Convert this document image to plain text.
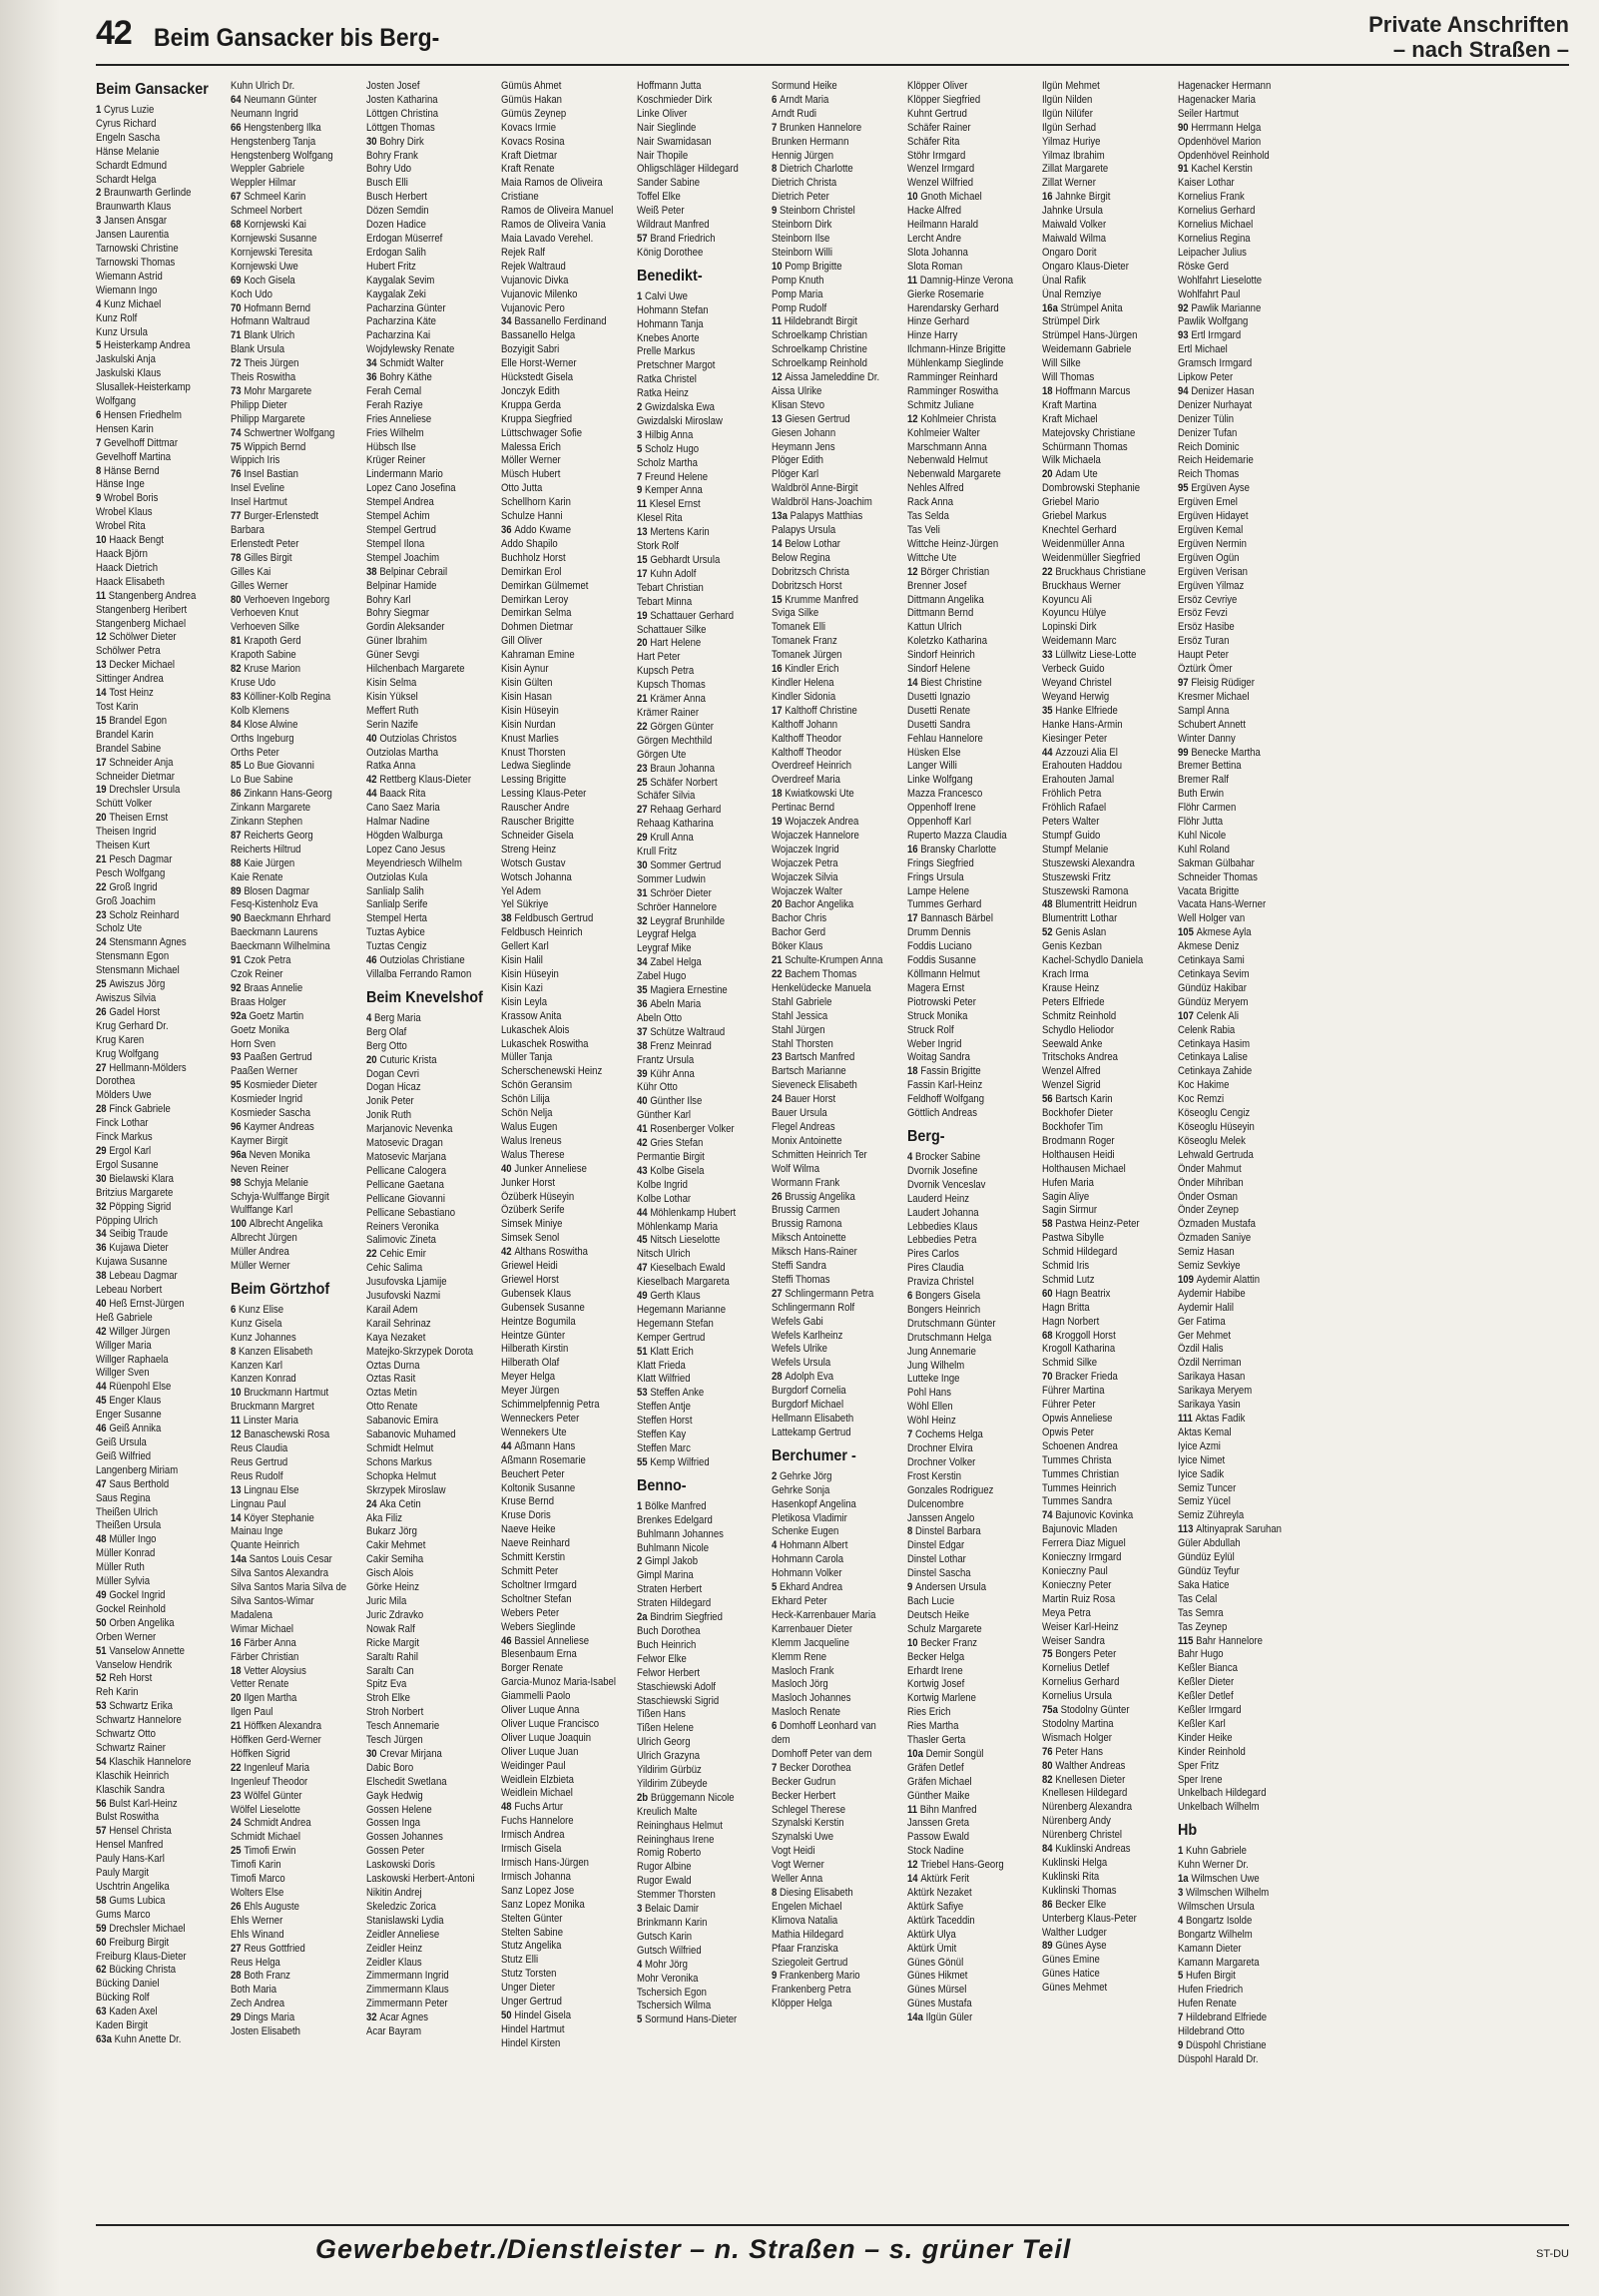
42 Beim Gansacker bis Berg-	Private Anschriften
– nach Straßen –
Beim Gansacker
1 Cyrus Luzie
Cyrus Richard
Engeln Sascha
Hänse Melanie
Schardt Edmund
Schardt Helga
2 Braunwarth Gerlinde
Braunwarth Klaus
3 Jansen Ansgar
Jansen Laurentia
Tarnowski Christine
Tarnowski Thomas
Wiemann Astrid
Wiemann Ingo
4 Kunz Michael
Kunz Rolf
Kunz Ursula
5 Heisterkamp Andrea
Jaskulski Anja
Jaskulski Klaus
Slusallek-Heisterkamp
Wolfgang
6 Hensen Friedhelm
Hensen Karin
7 Gevelhoff Dittmar
Gevelhoff Martina
8 Hänse Bernd
Hänse Inge
9 Wrobel Boris
Wrobel Klaus
Wrobel Rita
10 Haack Bengt
Haack Björn
Haack Dietrich
Haack Elisabeth
11 Stangenberg Andrea
Stangenberg Heribert
Stangenberg Michael
12 Schölwer Dieter
Schölwer Petra
13 Decker Michael
Sittinger Andrea
14 Tost Heinz
Tost Karin
15 Brandel Egon
Brandel Karin
Brandel Sabine
17 Schneider Anja
Schneider Dietmar
19 Drechsler Ursula
Schütt Volker
20 Theisen Ernst
Theisen Ingrid
Theisen Kurt
21 Pesch Dagmar
Pesch Wolfgang
22 Groß Ingrid
Groß Joachim
23 Scholz Reinhard
Scholz Ute
24 Stensmann Agnes
Stensmann Egon
Stensmann Michael
25 Awiszus Jörg
Awiszus Silvia
26 Gadel Horst
Krug Gerhard Dr.
Krug Karen
Krug Wolfgang
27 Hellmann-Mölders
Dorothea
Mölders Uwe
28 Finck Gabriele
Finck Lothar
Finck Markus
29 Ergol Karl
Ergol Susanne
30 Bielawski Klara
Britzius Margarete
32 Pöpping Sigrid
Pöpping Ulrich
34 Seibig Traude
36 Kujawa Dieter
Kujawa Susanne
38 Lebeau Dagmar
Lebeau Norbert
40 Heß Ernst-Jürgen
Heß Gabriele
42 Willger Jürgen
Willger Maria
Willger Raphaela
Willger Sven
44 Rüenpohl Else
45 Enger Klaus
Enger Susanne
46 Geiß Annika
Geiß Ursula
Geiß Wilfried
Langenberg Miriam
47 Saus Berthold
Saus Regina
Theißen Ulrich
Theißen Ursula
48 Müller Ingo
Müller Konrad
Müller Ruth
Müller Sylvia
49 Gockel Ingrid
Gockel Reinhold
50 Orben Angelika
Orben Werner
51 Vanselow Annette
Vanselow Hendrik
52 Reh Horst
Reh Karin
53 Schwartz Erika
Schwartz Hannelore
Schwartz Otto
Schwartz Rainer
54 Klaschik Hannelore
Klaschik Heinrich
Klaschik Sandra
56 Bulst Karl-Heinz
Bulst Roswitha
57 Hensel Christa
Hensel Manfred
Pauly Hans-Karl
Pauly Margit
Uschtrin Angelika
58 Gums Lubica
Gums Marco
59 Drechsler Michael
60 Freiburg Birgit
Freiburg Klaus-Dieter
62 Bücking Christa
Bücking Daniel
Bücking Rolf
63 Kaden Axel
Kaden Birgit
63a Kuhn Anette Dr.
Kuhn Ulrich Dr.
64 Neumann Günter
Neumann Ingrid
66 Hengstenberg Ilka
Hengstenberg Tanja
Hengstenberg Wolfgang
Weppler Gabriele
Weppler Hilmar
67 Schmeel Karin
Schmeel Norbert
68 Kornjewski Kai
Kornjewski Susanne
Kornjewski Teresita
Kornjewski Uwe
69 Koch Gisela
Koch Udo
70 Hofmann Bernd
Hofmann Waltraud
71 Blank Ulrich
Blank Ursula
72 Theis Jürgen
Theis Roswitha
73 Mohr Margarete
Philipp Dieter
Philipp Margarete
74 Schwertner Wolfgang
75 Wippich Bernd
Wippich Iris
76 Insel Bastian
Insel Eveline
Insel Hartmut
77 Burger-Erlenstedt
Barbara
Erlenstedt Peter
78 Gilles Birgit
Gilles Kai
Gilles Werner
80 Verhoeven Ingeborg
Verhoeven Knut
Verhoeven Silke
81 Krapoth Gerd
Krapoth Sabine
82 Kruse Marion
Kruse Udo
83 Kölliner-Kolb Regina
Kolb Klemens
84 Klose Alwine
Orths Ingeburg
Orths Peter
85 Lo Bue Giovanni
Lo Bue Sabine
86 Zinkann Hans-Georg
Zinkann Margarete
Zinkann Stephen
87 Reicherts Georg
Reicherts Hiltrud
88 Kaie Jürgen
Kaie Renate
89 Blosen Dagmar
Fesq-Kistenholz Eva
90 Baeckmann Ehrhard
Baeckmann Laurens
Baeckmann Wilhelmina
91 Czok Petra
Czok Reiner
92 Braas Annelie
Braas Holger
92a Goetz Martin
Goetz Monika
Horn Sven
93 Paaßen Gertrud
Paaßen Werner
95 Kosmieder Dieter
Kosmieder Ingrid
Kosmieder Sascha
96 Kaymer Andreas
Kaymer Birgit
96a Neven Monika
Neven Reiner
98 Schyja Melanie
Schyja-Wulffange Birgit
Wulffange Karl
100 Albrecht Angelika
Albrecht Jürgen
Müller Andrea
Müller Werner
Beim Görtzhof
6 Kunz Elise
Kunz Gisela
Kunz Johannes
8 Kanzen Elisabeth
Kanzen Karl
Kanzen Konrad
10 Bruckmann Hartmut
Bruckmann Margret
11 Linster Maria
12 Banaschewski Rosa
Reus Claudia
Reus Gertrud
Reus Rudolf
13 Lingnau Else
Lingnau Paul
14 Köyer Stephanie
Mainau Inge
Quante Heinrich
14a Santos Louis Cesar
Silva Santos Alexandra
Silva Santos Maria Silva de
Silva Santos-Wimar
Madalena
Wimar Michael
16 Färber Anna
Färber Christian
18 Vetter Aloysius
Vetter Renate
20 Ilgen Martha
Ilgen Paul
21 Höffken Alexandra
Höffken Gerd-Werner
Höffken Sigrid
22 Ingenleuf Maria
Ingenleuf Theodor
23 Wölfel Günter
Wölfel Lieselotte
24 Schmidt Andrea
Schmidt Michael
25 Timofi Erwin
Timofi Karin
Timofi Marco
Wolters Else
26 Ehls Auguste
Ehls Werner
Ehls Winand
27 Reus Gottfried
Reus Helga
28 Both Franz
Both Maria
Zech Andrea
29 Dings Maria
Josten Elisabeth
Josten Josef
Josten Katharina
Löttgen Christina
Löttgen Thomas
30 Bohry Dirk
Bohry Frank
Bohry Udo
Busch Elli
Busch Herbert
Dözen Semdin
Dozen Hadice
Erdogan Müserref
Erdogan Salih
Hubert Fritz
Kaygalak Sevim
Kaygalak Zeki
Pacharzina Günter
Pacharzina Käte
Pacharzina Kai
Wojdylewsky Renate
34 Schmidt Walter
36 Bohry Käthe
Ferah Cemal
Ferah Raziye
Fries Anneliese
Fries Wilhelm
Hübsch Ilse
Krüger Reiner
Lindermann Mario
Lopez Cano Josefina
Stempel Andrea
Stempel Achim
Stempel Gertrud
Stempel Ilona
Stempel Joachim
38 Belpinar Cebrail
Belpinar Hamide
Bohry Karl
Bohry Siegmar
Gordin Aleksander
Güner Ibrahim
Güner Sevgi
Hilchenbach Margarete
Kisin Selma
Kisin Yüksel
Meffert Ruth
Serin Nazife
40 Outziolas Christos
Outziolas Martha
Ratka Anna
42 Rettberg Klaus-Dieter
44 Baack Rita
Cano Saez Maria
Halmar Nadine
Högden Walburga
Lopez Cano Jesus
Meyendriesch Wilhelm
Outziolas Kula
Sanlialp Salih
Sanlialp Serife
Stempel Herta
Tuztas Aybice
Tuztas Cengiz
46 Outziolas Christiane
Villalba Ferrando Ramon
Beim Knevelshof
4 Berg Maria
Berg Olaf
Berg Otto
20 Cuturic Krista
Dogan Cevri
Dogan Hicaz
Jonik Peter
Jonik Ruth
Marjanovic Nevenka
Matosevic Dragan
Matosevic Marjana
Pellicane Calogera
Pellicane Gaetana
Pellicane Giovanni
Pellicane Sebastiano
Reiners Veronika
Salimovic Zineta
22 Cehic Emir
Cehic Salima
Jusufovska Ljamije
Jusufovski Nazmi
Karail Adem
Karail Sehrinaz
Kaya Nezaket
Matejko-Skrzypek Dorota
Oztas Durna
Oztas Rasit
Oztas Metin
Otto Renate
Sabanovic Emira
Sabanovic Muhamed
Schmidt Helmut
Schons Markus
Schopka Helmut
Skrzypek Miroslaw
24 Aka Cetin
Aka Filiz
Bukarz Jörg
Cakir Mehmet
Cakir Semiha
Gisch Alois
Görke Heinz
Juric Mila
Juric Zdravko
Nowak Ralf
Ricke Margit
Saraltı Rahil
Saraltı Can
Spitz Eva
Stroh Elke
Stroh Norbert
Tesch Annemarie
Tesch Jürgen
30 Crevar Mirjana
Dabic Boro
Elschedit Swetlana
Gayk Hedwig
Gossen Helene
Gossen Inga
Gossen Johannes
Gossen Peter
Laskowski Doris
Laskowski Herbert-Antoni
Nikitin Andrej
Skeledzic Zorica
Stanislawski Lydia
Zeidler Anneliese
Zeidler Heinz
Zeidler Klaus
Zimmermann Ingrid
Zimmermann Klaus
Zimmermann Peter
32 Acar Agnes
Acar Bayram
Gümüs Ahmet
Gümüs Hakan
Gümüs Zeynep
Kovacs Irmie
Kovacs Rosina
Kraft Dietmar
Kraft Renate
Maia Ramos de Oliveira
Cristiane
Ramos de Oliveira Manuel
Ramos de Oliveira Vania
Maia Lavado Verehel.
Rejek Ralf
Rejek Waltraud
Vujanovic Divka
Vujanovic Milenko
Vujanovic Pero
34 Bassanello Ferdinand
Bassanello Helga
Bozyigit Sabri
Elle Horst-Werner
Hückstedt Gisela
Jonczyk Edith
Kruppa Gerda
Kruppa Siegfried
Lüttschwager Sofie
Malessa Erich
Möller Werner
Müsch Hubert
Otto Jutta
Schellhorn Karin
Schulze Hanni
36 Addo Kwame
Addo Shapilo
Buchholz Horst
Demirkan Erol
Demirkan Gülmemet
Demirkan Leroy
Demirkan Selma
Dohmen Dietmar
Gill Oliver
Kahraman Emine
Kisin Aynur
Kisin Gülten
Kisin Hasan
Kisin Hüseyin
Kisin Nurdan
Knust Marlies
Knust Thorsten
Ledwa Sieglinde
Lessing Brigitte
Lessing Klaus-Peter
Rauscher Andre
Rauscher Brigitte
Schneider Gisela
Streng Heinz
Wotsch Gustav
Wotsch Johanna
Yel Adem
Yel Sükriye
38 Feldbusch Gertrud
Feldbusch Heinrich
Gellert Karl
Kisin Halil
Kisin Hüseyin
Kisin Kazi
Kisin Leyla
Krassow Anita
Lukaschek Alois
Lukaschek Roswitha
Müller Tanja
Scherschenewski Heinz
Schön Geransim
Schön Lilija
Schön Nelja
Walus Eugen
Walus Ireneus
Walus Therese
40 Junker Anneliese
Junker Horst
Özüberk Hüseyin
Özüberk Serife
Simsek Miniye
Simsek Senol
42 Althans Roswitha
Griewel Heidi
Griewel Horst
Gubensek Klaus
Gubensek Susanne
Heintze Bogumila
Heintze Günter
Hilberath Kirstin
Hilberath Olaf
Meyer Helga
Meyer Jürgen
Schimmelpfennig Petra
Wenneckers Peter
Wennekers Ute
44 Aßmann Hans
Aßmann Rosemarie
Beuchert Peter
Koltonik Susanne
Kruse Bernd
Kruse Doris
Naeve Heike
Naeve Reinhard
Schmitt Kerstin
Schmitt Peter
Scholtner Irmgard
Scholtner Stefan
Webers Peter
Webers Sieglinde
46 Bassiel Anneliese
Blesenbaum Erna
Borger Renate
Garcia-Munoz Maria-Isabel
Giammelli Paolo
Oliver Luque Anna
Oliver Luque Francisco
Oliver Luque Joaquin
Oliver Luque Juan
Weidinger Paul
Weidlein Elzbieta
Weidlein Michael
48 Fuchs Artur
Fuchs Hannelore
Irmisch Andrea
Irmisch Gisela
Irmisch Hans-Jürgen
Irmisch Johanna
Sanz Lopez Jose
Sanz Lopez Monika
Stelten Günter
Stelten Sabine
Stutz Angelika
Stutz Elli
Stutz Torsten
Unger Dieter
Unger Gertrud
50 Hindel Gisela
Hindel Hartmut
Hindel Kirsten
Hoffmann Jutta
Koschmieder Dirk
Linke Oliver
Nair Sieglinde
Nair Swamidasan
Nair Thopile
Ohligschläger Hildegard
Sander Sabine
Toffel Elke
Weiß Peter
Wildraut Manfred
57 Brand Friedrich
König Dorothee
Benedikt-
1 Calvi Uwe
Hohmann Stefan
Hohmann Tanja
Knebes Anorte
Prelle Markus
Pretschner Margot
Ratka Christel
Ratka Heinz
2 Gwizdalska Ewa
Gwizdalski Miroslaw
3 Hilbig Anna
5 Scholz Hugo
Scholz Martha
7 Freund Helene
9 Kemper Anna
11 Klesel Ernst
Klesel Rita
13 Mertens Karin
Stork Rolf
15 Gebhardt Ursula
17 Kuhn Adolf
Tebart Christian
Tebart Minna
19 Schattauer Gerhard
Schattauer Silke
20 Hart Helene
Hart Peter
Kupsch Petra
Kupsch Thomas
21 Krämer Anna
Krämer Rainer
22 Görgen Günter
Görgen Mechthild
Görgen Ute
23 Braun Johanna
25 Schäfer Norbert
Schäfer Silvia
27 Rehaag Gerhard
Rehaag Katharina
29 Krull Anna
Krull Fritz
30 Sommer Gertrud
Sommer Ludwin
31 Schröer Dieter
Schröer Hannelore
32 Leygraf Brunhilde
Leygraf Helga
Leygraf Mike
34 Zabel Helga
Zabel Hugo
35 Magiera Ernestine
36 Abeln Maria
Abeln Otto
37 Schütze Waltraud
38 Frenz Meinrad
Frantz Ursula
39 Kühr Anna
Kühr Otto
40 Günther Ilse
Günther Karl
41 Rosenberger Volker
42 Gries Stefan
Permantie Birgit
43 Kolbe Gisela
Kolbe Ingrid
Kolbe Lothar
44 Möhlenkamp Hubert
Möhlenkamp Maria
45 Nitsch Lieselotte
Nitsch Ulrich
47 Kieselbach Ewald
Kieselbach Margareta
49 Gerth Klaus
Hegemann Marianne
Hegemann Stefan
Kemper Gertrud
51 Klatt Erich
Klatt Frieda
Klatt Wilfried
53 Steffen Anke
Steffen Antje
Steffen Horst
Steffen Kay
Steffen Marc
55 Kemp Wilfried
Benno-
1 Bölke Manfred
Brenkes Edelgard
Buhlmann Johannes
Buhlmann Nicole
2 Gimpl Jakob
Gimpl Marina
Straten Herbert
Straten Hildegard
2a Bindrim Siegfried
Buch Dorothea
Buch Heinrich
Felwor Elke
Felwor Herbert
Staschiewski Adolf
Staschiewski Sigrid
Tißen Hans
Tißen Helene
Ulrich Georg
Ulrich Grazyna
Yildirim Gürbüz
Yildirim Zübeyde
2b Brüggemann Nicole
Kreulich Malte
Reininghaus Helmut
Reininghaus Irene
Romig Roberto
Rugor Albine
Rugor Ewald
Stemmer Thorsten
3 Belaic Damir
Brinkmann Karin
Gutsch Karin
Gutsch Wilfried
4 Mohr Jörg
Mohr Veronika
Tschersich Egon
Tschersich Wilma
5 Sormund Hans-Dieter
Sormund Heike
6 Arndt Maria
Arndt Rudi
7 Brunken Hannelore
Brunken Hermann
Hennig Jürgen
8 Dietrich Charlotte
Dietrich Christa
Dietrich Peter
9 Steinborn Christel
Steinborn Dirk
Steinborn Ilse
Steinborn Willi
10 Pomp Brigitte
Pomp Knuth
Pomp Maria
Pomp Rudolf
11 Hildebrandt Birgit
Schroelkamp Christian
Schroelkamp Christine
Schroelkamp Reinhold
12 Aissa Jameleddine Dr.
Aissa Ulrike
Klisan Stevo
13 Giesen Gertrud
Giesen Johann
Heymann Jens
Plöger Edith
Plöger Karl
Waldbröl Anne-Birgit
Waldbröl Hans-Joachim
13a Palapys Matthias
Palapys Ursula
14 Below Lothar
Below Regina
Dobritzsch Christa
Dobritzsch Horst
15 Krumme Manfred
Sviga Silke
Tomanek Elli
Tomanek Franz
Tomanek Jürgen
16 Kindler Erich
Kindler Helena
Kindler Sidonia
17 Kalthoff Christine
Kalthoff Johann
Kalthoff Theodor
Kalthoff Theodor
Overdreef Heinrich
Overdreef Maria
18 Kwiatkowski Ute
Pertinac Bernd
19 Wojaczek Andrea
Wojaczek Hannelore
Wojaczek Ingrid
Wojaczek Petra
Wojaczek Silvia
Wojaczek Walter
20 Bachor Angelika
Bachor Chris
Bachor Gerd
Böker Klaus
21 Schulte-Krumpen Anna
22 Bachem Thomas
Henkelüdecke Manuela
Stahl Gabriele
Stahl Jessica
Stahl Jürgen
Stahl Thorsten
23 Bartsch Manfred
Bartsch Marianne
Sieveneck Elisabeth
24 Bauer Horst
Bauer Ursula
Flegel Andreas
Monix Antoinette
Schmitten Heinrich Ter
Wolf Wilma
Wormann Frank
26 Brussig Angelika
Brussig Carmen
Brussig Ramona
Miksch Antoinette
Miksch Hans-Rainer
Steffi Sandra
Steffi Thomas
27 Schlingermann Petra
Schlingermann Rolf
Wefels Gabi
Wefels Karlheinz
Wefels Ulrike
Wefels Ursula
28 Adolph Eva
Burgdorf Cornelia
Burgdorf Michael
Hellmann Elisabeth
Lattekamp Gertrud
Berchumer -
2 Gehrke Jörg
Gehrke Sonja
Hasenkopf Angelina
Pletikosa Vladimir
Schenke Eugen
4 Hohmann Albert
Hohmann Carola
Hohmann Volker
5 Ekhard Andrea
Ekhard Peter
Heck-Karrenbauer Maria
Karrenbauer Dieter
Klemm Jacqueline
Klemm Rene
Masloch Frank
Masloch Jörg
Masloch Johannes
Masloch Renate
6 Domhoff Leonhard van
dem
Domhoff Peter van dem
7 Becker Dorothea
Becker Gudrun
Becker Herbert
Schlegel Therese
Szynalski Kerstin
Szynalski Uwe
Vogt Heidi
Vogt Werner
Weller Anna
8 Diesing Elisabeth
Engelen Michael
Klimova Natalia
Mathia Hildegard
Pfaar Franziska
Sziegoleit Gertrud
9 Frankenberg Mario
Frankenberg Petra
Klöpper Helga
Klöpper Oliver
Klöpper Siegfried
Kuhnt Gertrud
Schäfer Rainer
Schäfer Rita
Stöhr Irmgard
Wenzel Irmgard
Wenzel Wilfried
10 Gnoth Michael
Hacke Alfred
Heilmann Harald
Lercht Andre
Slota Johanna
Slota Roman
11 Damnig-Hinze Verona
Gierke Rosemarie
Harendarsky Gerhard
Hinze Gerhard
Hinze Harry
Ilchmann-Hinze Brigitte
Mühlenkamp Sieglinde
Ramminger Reinhard
Ramminger Roswitha
Schmitz Juliane
12 Kohlmeier Christa
Kohlmeier Walter
Marschmann Anna
Nebenwald Helmut
Nebenwald Margarete
Nehles Alfred
Rack Anna
Tas Selda
Tas Veli
Wittche Heinz-Jürgen
Wittche Ute
12 Börger Christian
Brenner Josef
Dittmann Angelika
Dittmann Bernd
Kattun Ulrich
Koletzko Katharina
Sindorf Heinrich
Sindorf Helene
14 Biest Christine
Dusetti Ignazio
Dusetti Renate
Dusetti Sandra
Fehlau Hannelore
Hüsken Else
Langer Willi
Linke Wolfgang
Mazza Francesco
Oppenhoff Irene
Oppenhoff Karl
Ruperto Mazza Claudia
16 Bransky Charlotte
Frings Siegfried
Frings Ursula
Lampe Helene
Tummes Gerhard
17 Bannasch Bärbel
Drumm Dennis
Foddis Luciano
Foddis Susanne
Köllmann Helmut
Magera Ernst
Piotrowski Peter
Struck Monika
Struck Rolf
Weber Ingrid
Woitag Sandra
18 Fassin Brigitte
Fassin Karl-Heinz
Feldhoff Wolfgang
Göttlich Andreas
Berg-
4 Brocker Sabine
Dvornik Josefine
Dvornik Venceslav
Lauderd Heinz
Laudert Johanna
Lebbedies Klaus
Lebbedies Petra
Pires Carlos
Pires Claudia
Praviza Christel
6 Bongers Gisela
Bongers Heinrich
Drutschmann Günter
Drutschmann Helga
Jung Annemarie
Jung Wilhelm
Lutteke Inge
Pohl Hans
Wöhl Ellen
Wöhl Heinz
7 Cochems Helga
Drochner Elvira
Drochner Volker
Frost Kerstin
Gonzales Rodriguez
Dulcenombre
Janssen Angelo
8 Dinstel Barbara
Dinstel Edgar
Dinstel Lothar
Dinstel Sascha
9 Andersen Ursula
Bach Lucie
Deutsch Heike
Schulz Margarete
10 Becker Franz
Becker Helga
Erhardt Irene
Kortwig Josef
Kortwig Marlene
Ries Erich
Ries Martha
Thasler Gerta
10a Demir Songül
Gräfen Detlef
Gräfen Michael
Günther Maike
11 Bihn Manfred
Janssen Greta
Passow Ewald
Stock Nadine
12 Triebel Hans-Georg
14 Aktürk Ferit
Aktürk Nezaket
Aktürk Safiye
Aktürk Taceddin
Aktürk Ulya
Aktürk Ümit
Günes Gönül
Günes Hikmet
Günes Mürsel
Günes Mustafa
14a Ilgün Güler
Ilgün Mehmet
Ilgün Nilden
Ilgün Nilüfer
Ilgün Serhad
Yilmaz Huriye
Yilmaz Ibrahim
Zillat Margarete
Zillat Werner
16 Jahnke Birgit
Jahnke Ursula
Maiwald Volker
Maiwald Wilma
Ongaro Dorit
Ongaro Klaus-Dieter
Ünal Rafik
Ünal Remziye
16a Strümpel Anita
Strümpel Dirk
Strümpel Hans-Jürgen
Weidemann Gabriele
Will Silke
Will Thomas
18 Hoffmann Marcus
Kraft Martina
Kraft Michael
Matejovsky Christiane
Schürmann Thomas
Wilk Michaela
20 Adam Ute
Dombrowski Stephanie
Griebel Mario
Griebel Markus
Knechtel Gerhard
Weidenmüller Anna
Weidenmüller Siegfried
22 Bruckhaus Christiane
Bruckhaus Werner
Koyuncu Ali
Koyuncu Hülye
Lopinski Dirk
Weidemann Marc
33 Lüllwitz Liese-Lotte
Verbeck Guido
Weyand Christel
Weyand Herwig
35 Hanke Elfriede
Hanke Hans-Armin
Kiesinger Peter
44 Azzouzi Alia El
Erahouten Haddou
Erahouten Jamal
Fröhlich Petra
Fröhlich Rafael
Peters Walter
Stumpf Guido
Stumpf Melanie
Stuszewski Alexandra
Stuszewski Fritz
Stuszewski Ramona
48 Blumentritt Heidrun
Blumentritt Lothar
52 Genis Aslan
Genis Kezban
Kachel-Schydlo Daniela
Krach Irma
Krause Heinz
Peters Elfriede
Schmitz Reinhold
Schydlo Heliodor
Seewald Anke
Tritschoks Andrea
Wenzel Alfred
Wenzel Sigrid
56 Bartsch Karin
Bockhofer Dieter
Bockhofer Tim
Brodmann Roger
Holthausen Heidi
Holthausen Michael
Hufen Maria
Sagin Aliye
Sagin Sirmur
58 Pastwa Heinz-Peter
Pastwa Sibylle
Schmid Hildegard
Schmid Iris
Schmid Lutz
60 Hagn Beatrix
Hagn Britta
Hagn Norbert
68 Kroggoll Horst
Krogoll Katharina
Schmid Silke
70 Bracker Frieda
Führer Martina
Führer Peter
Opwis Anneliese
Opwis Peter
Schoenen Andrea
Tummes Christa
Tummes Christian
Tummes Heinrich
Tummes Sandra
74 Bajunovic Kovinka
Bajunovic Mladen
Ferrera Diaz Miguel
Konieczny Irmgard
Konieczny Paul
Konieczny Peter
Martin Ruiz Rosa
Meya Petra
Weiser Karl-Heinz
Weiser Sandra
75 Bongers Peter
Kornelius Detlef
Kornelius Gerhard
Kornelius Ursula
75a Stodolny Günter
Stodolny Martina
Wismach Holger
76 Peter Hans
80 Walther Andreas
82 Knellesen Dieter
Knellesen Hildegard
Nürenberg Alexandra
Nürenberg Andy
Nürenberg Christel
84 Kuklinski Andreas
Kuklinski Helga
Kuklinski Rita
Kuklinski Thomas
86 Becker Elke
Unterberg Klaus-Peter
Walther Ludger
89 Günes Ayse
Günes Emine
Günes Hatice
Günes Mehmet
Hagenacker Hermann
Hagenacker Maria
Seiler Hartmut
90 Herrmann Helga
Opdenhövel Marion
Opdenhövel Reinhold
91 Kachel Kerstin
Kaiser Lothar
Kornelius Frank
Kornelius Gerhard
Kornelius Michael
Kornelius Regina
Leipacher Julius
Röske Gerd
Wohlfahrt Lieselotte
Wohlfahrt Paul
92 Pawlik Marianne
Pawlik Wolfgang
93 Ertl Irmgard
Ertl Michael
Gramsch Irmgard
Lipkow Peter
94 Denizer Hasan
Denizer Nurhayat
Denizer Tülin
Denizer Tufan
Reich Dominic
Reich Heidemarie
Reich Thomas
95 Ergüven Ayse
Ergüven Emel
Ergüven Hidayet
Ergüven Kemal
Ergüven Nermin
Ergüven Ogün
Ergüven Verisan
Ergüven Yilmaz
Ersöz Cevriye
Ersöz Fevzi
Ersöz Hasibe
Ersöz Turan
Haupt Peter
Öztürk Ömer
97 Fleisig Rüdiger
Kresmer Michael
Sampl Anna
Schubert Annett
Winter Danny
99 Benecke Martha
Bremer Bettina
Bremer Ralf
Buth Erwin
Flöhr Carmen
Flöhr Jutta
Kuhl Nicole
Kuhl Roland
Sakman Gülbahar
Schneider Thomas
Vacata Brigitte
Vacata Hans-Werner
Well Holger van
105 Akmese Ayla
Akmese Deniz
Cetinkaya Sami
Cetinkaya Sevim
Gündüz Hakibar
Gündüz Meryem
107 Celenk Ali
Celenk Rabia
Cetinkaya Hasim
Cetinkaya Lalise
Cetinkaya Zahide
Koc Hakime
Koc Remzi
Köseoglu Cengiz
Köseoglu Hüseyin
Köseoglu Melek
Lehwald Gertruda
Önder Mahmut
Önder Mihriban
Önder Osman
Önder Zeynep
Özmaden Mustafa
Özmaden Saniye
Semiz Hasan
Semiz Sevkiye
109 Aydemir Alattin
Aydemir Habibe
Aydemir Halil
Ger Fatima
Ger Mehmet
Özdil Halis
Özdil Nerriman
Sarikaya Hasan
Sarikaya Meryem
Sarikaya Yasin
111 Aktas Fadik
Aktas Kemal
Iyice Azmi
Iyice Nimet
Iyice Sadik
Semiz Tuncer
Semiz Yücel
Semiz Zühreyla
113 Altinyaprak Saruhan
Güler Abdullah
Gündüz Eylül
Gündüz Teyfur
Saka Hatice
Tas Celal
Tas Semra
Tas Zeynep
115 Bahr Hannelore
Bahr Hugo
Keßler Bianca
Keßler Dieter
Keßler Detlef
Keßler Irmgard
Keßler Karl
Kinder Heike
Kinder Reinhold
Sper Fritz
Sper Irene
Unkelbach Hildegard
Unkelbach Wilhelm
Hb
1 Kuhn Gabriele
Kuhn Werner Dr.
1a Wilmschen Uwe
3 Wilmschen Wilhelm
Wilmschen Ursula
4 Bongartz Isolde
Bongartz Wilhelm
Kamann Dieter
Kamann Margareta
5 Hufen Birgit
Hufen Friedrich
Hufen Renate
7 Hildebrand Elfriede
Hildebrand Otto
9 Düspohl Christiane
Düspohl Harald Dr.
Gewerbebetr./Dienstleister – n. Straßen – s. grüner Teil	ST-DU
